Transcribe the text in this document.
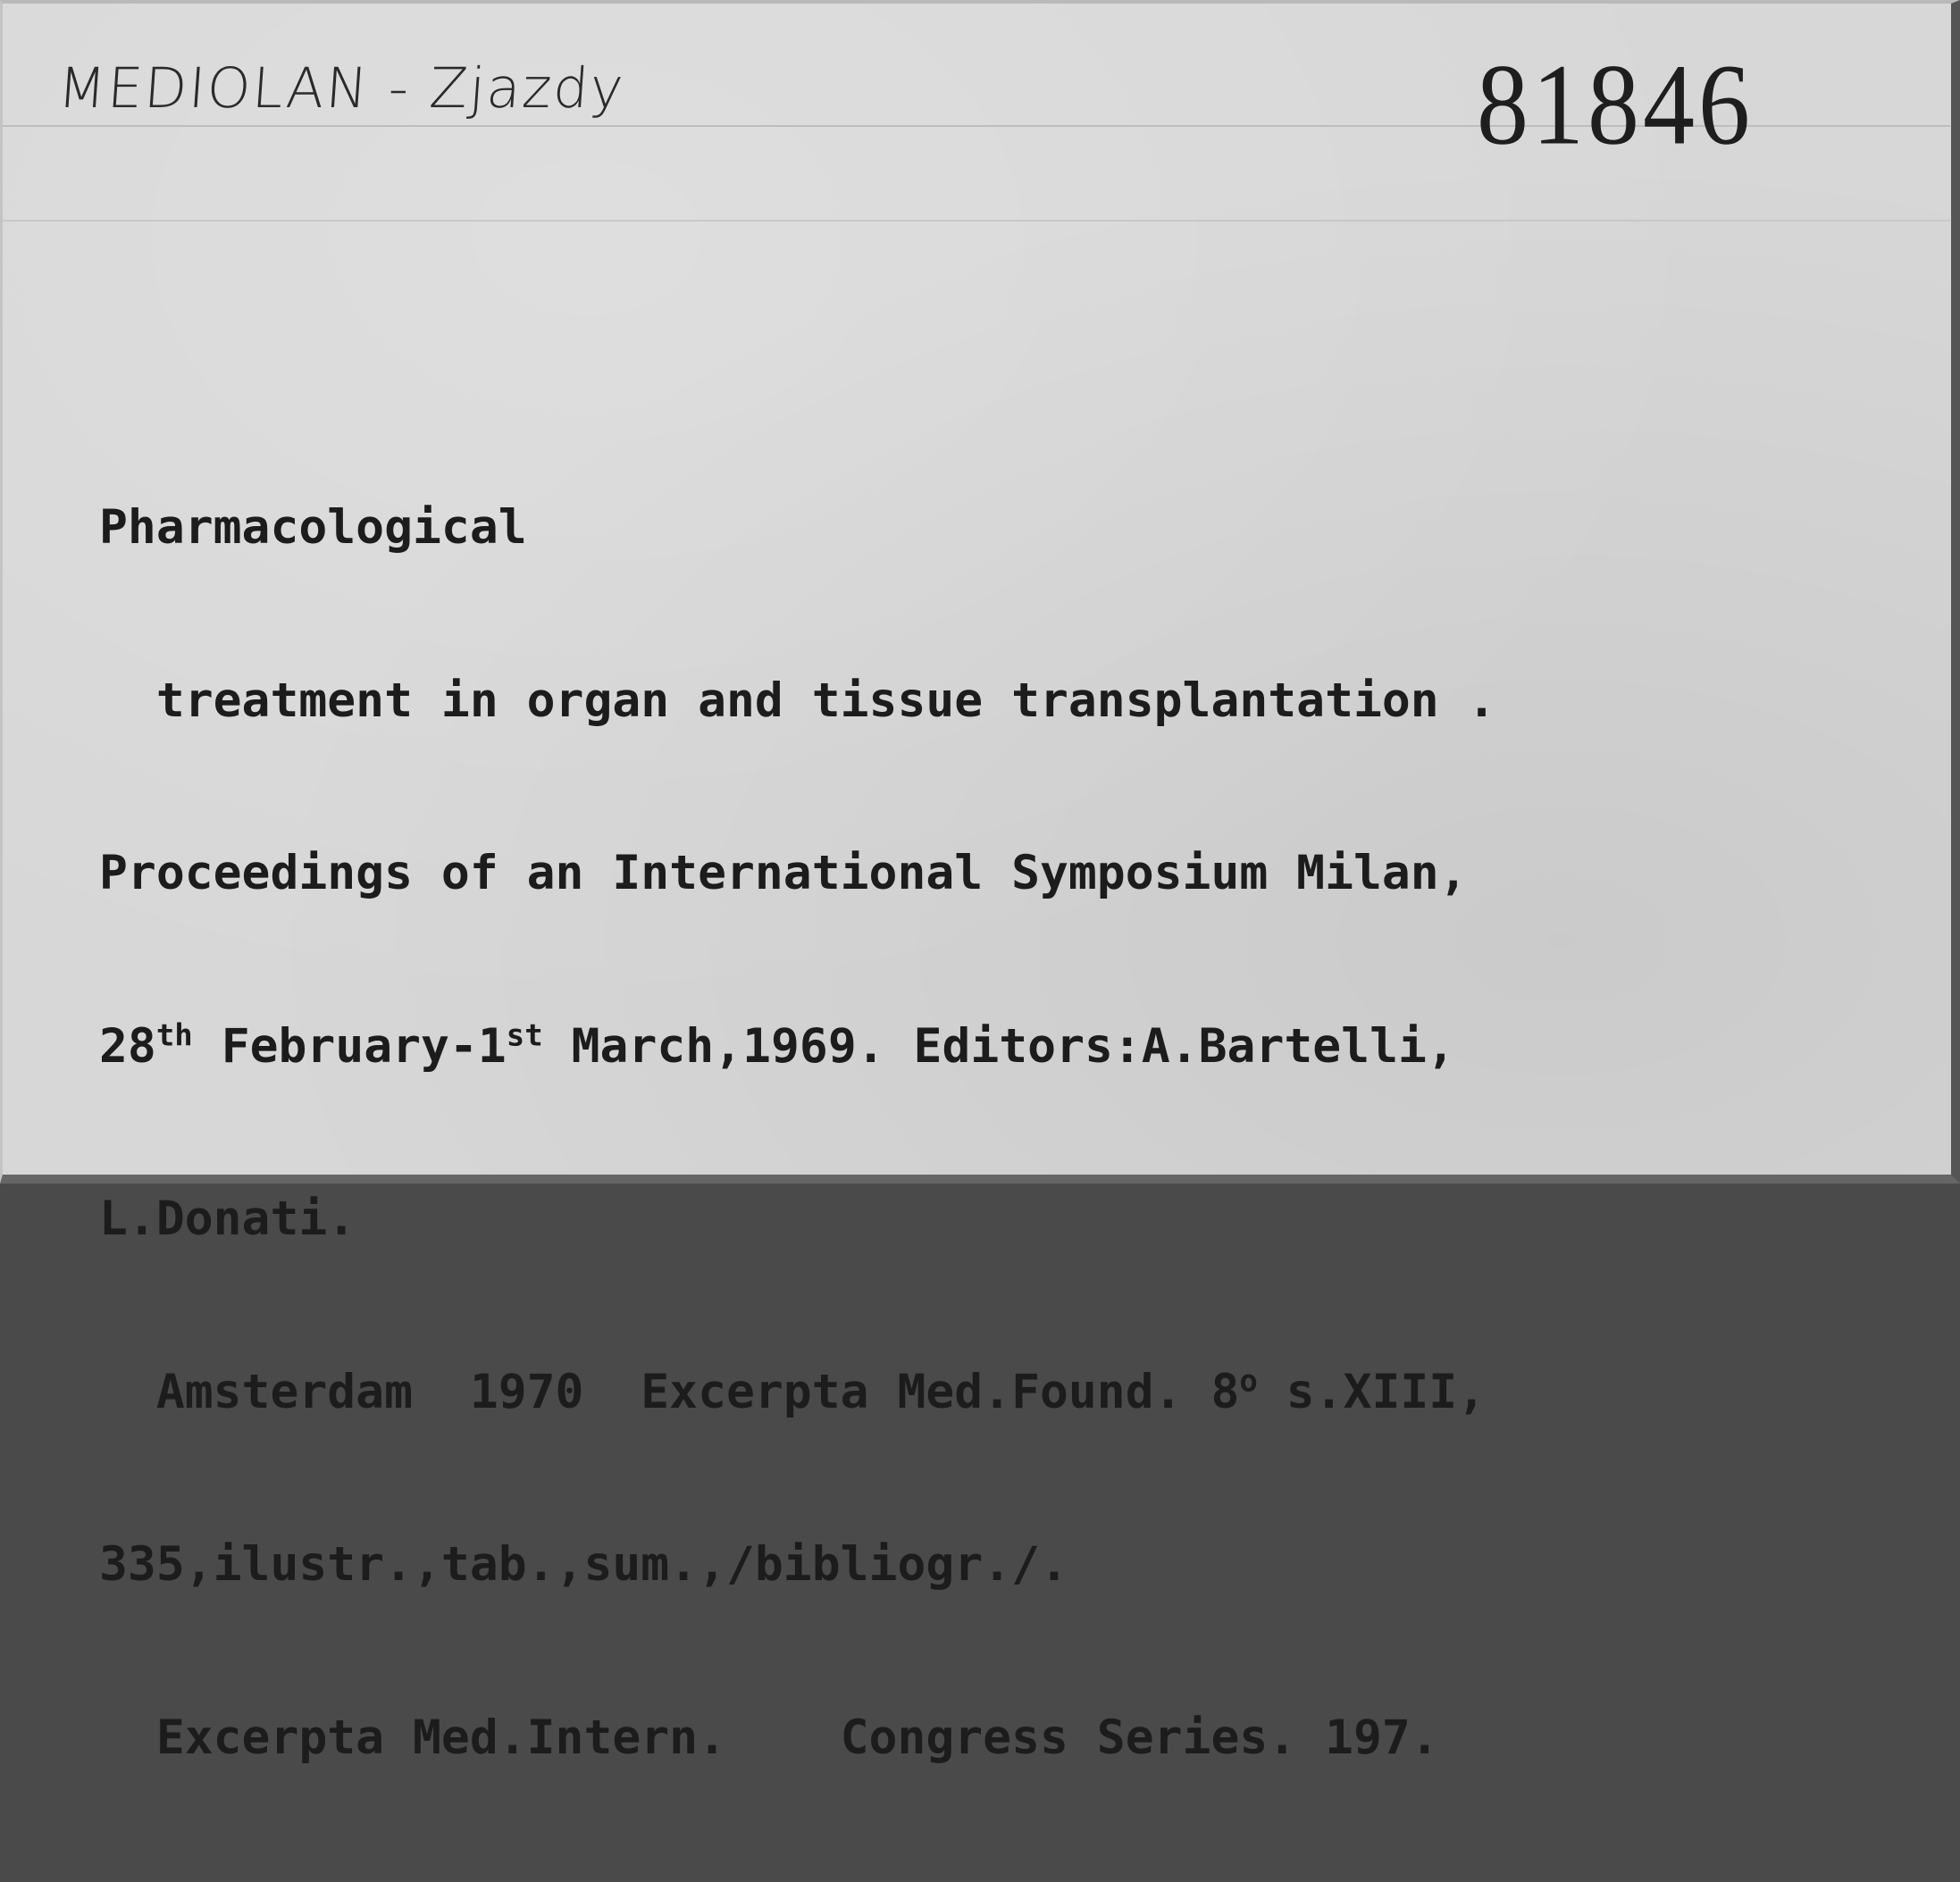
MEDIOLAN - Zjazdy	81846

Pharmacological

treatment in organ and tissue transplantation .

Proceedings of an International Symposium Milan,

28th February-1st March,1969. Editors:A.Bartelli,

L.Donati.

Amsterdam  1970  Excerpta Med.Found. 8$^o$ s.XIII,

335,ilustr.,tab.,sum.,/bibliogr./.

Excerpta Med.Intern.    Congress Series. 197.
